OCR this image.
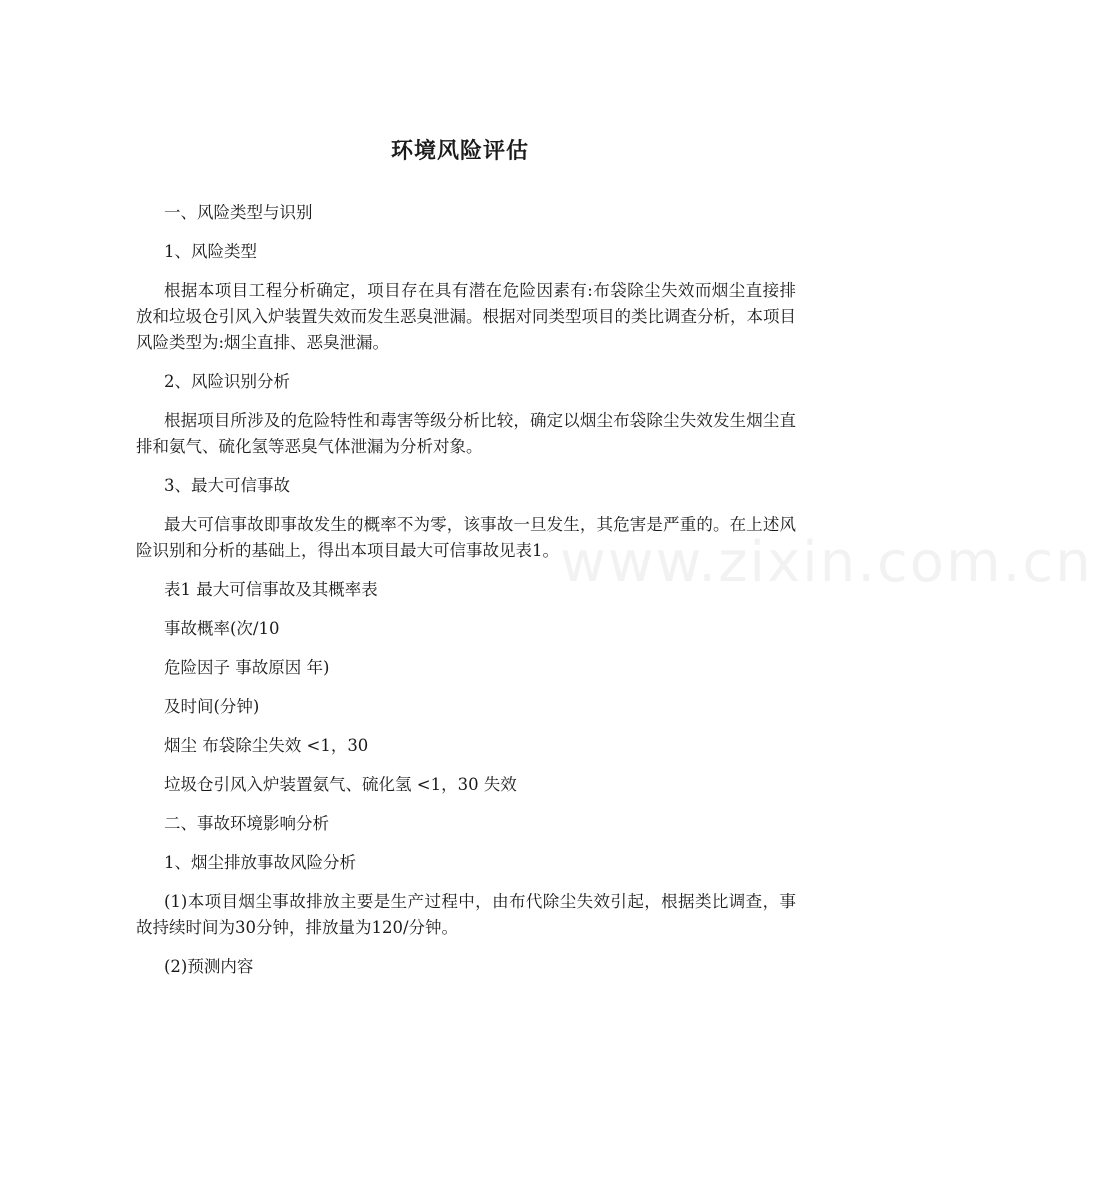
www.zixin.com.cn
环境风险评估

一、风险类型与识别

1、风险类型

根据本项目工程分析确定，项目存在具有潜在危险因素有:布袋除尘失效而烟尘直接排放和垃圾仓引风入炉装置失效而发生恶臭泄漏。根据对同类型项目的类比调查分析，本项目风险类型为:烟尘直排、恶臭泄漏。

2、风险识别分析

根据项目所涉及的危险特性和毒害等级分析比较，确定以烟尘布袋除尘失效发生烟尘直排和氨气、硫化氢等恶臭气体泄漏为分析对象。

3、最大可信事故

最大可信事故即事故发生的概率不为零，该事故一旦发生，其危害是严重的。在上述风险识别和分析的基础上，得出本项目最大可信事故见表1。

表1 最大可信事故及其概率表

事故概率(次/10

危险因子 事故原因 年)

及时间(分钟)

烟尘 布袋除尘失效 <1，30

垃圾仓引风入炉装置氨气、硫化氢 <1，30 失效

二、事故环境影响分析

1、烟尘排放事故风险分析

(1)本项目烟尘事故排放主要是生产过程中，由布代除尘失效引起，根据类比调查，事故持续时间为30分钟，排放量为120/分钟。

(2)预测内容
